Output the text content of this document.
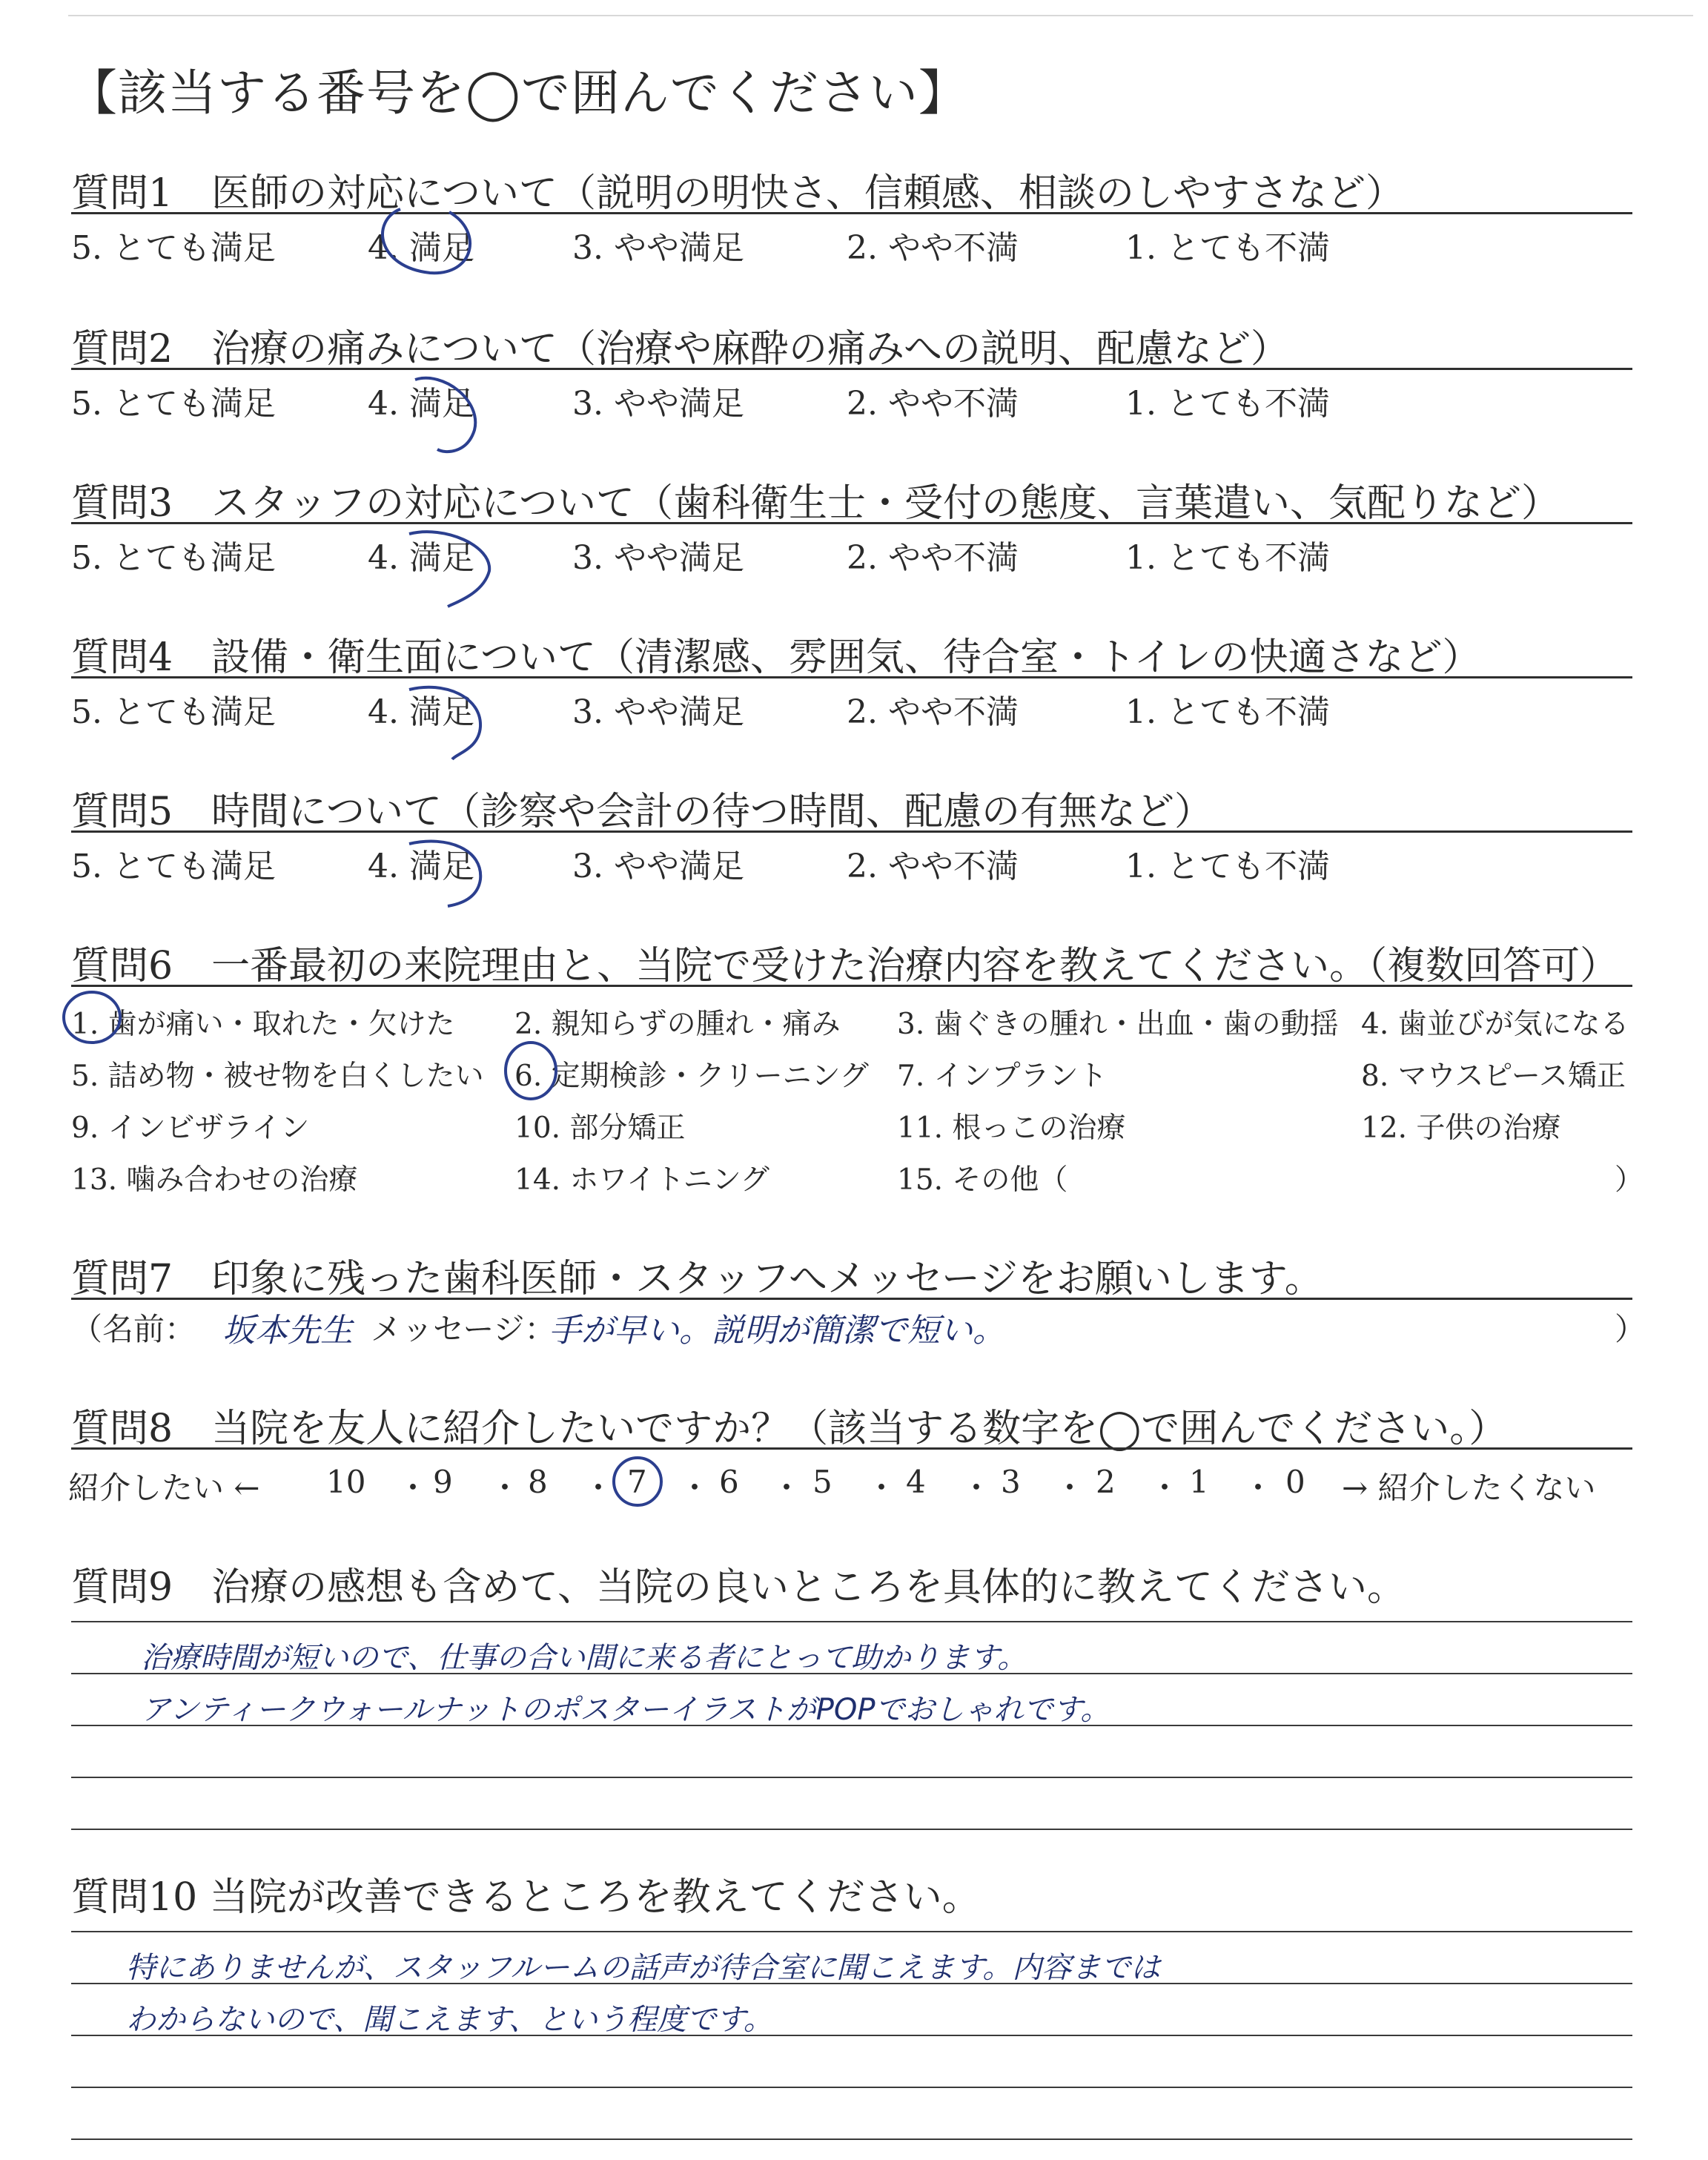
【該当する番号を◯で囲んでください】
質問1　医師の対応について（説明の明快さ、信頼感、相談のしやすさなど）
5. とても満足	4. 満足	3. やや満足	2. やや不満	1. とても不満
質問2　治療の痛みについて（治療や麻酔の痛みへの説明、配慮など）
5. とても満足	4. 満足	3. やや満足	2. やや不満	1. とても不満
質問3　スタッフの対応について（歯科衛生士・受付の態度、言葉遣い、気配りなど）
5. とても満足	4. 満足	3. やや満足	2. やや不満	1. とても不満
質問4　設備・衛生面について（清潔感、雰囲気、待合室・トイレの快適さなど）
5. とても満足	4. 満足	3. やや満足	2. やや不満	1. とても不満
質問5　時間について（診察や会計の待つ時間、配慮の有無など）
5. とても満足	4. 満足	3. やや満足	2. やや不満	1. とても不満
質問6　一番最初の来院理由と、当院で受けた治療内容を教えてください。（複数回答可）
1. 歯が痛い・取れた・欠けた 2. 親知らずの腫れ・痛み 3. 歯ぐきの腫れ・出血・歯の動揺 4. 歯並びが気になる
5. 詰め物・被せ物を白くしたい 6. 定期検診・クリーニング 7. インプラント	8. マウスピース矯正
9. インビザライン	10. 部分矯正	11. 根っこの治療	12. 子供の治療
13. 噛み合わせの治療	14. ホワイトニング	15. その他（	）
質問7　印象に残った歯科医師・スタッフへメッセージをお願いします。
（名前： 坂本先生 メッセージ：
手が早い。説明が簡潔で短い。	）
質問8　当院を友人に紹介したいですか？（該当する数字を◯で囲んでください。）
紹介したい ← 10 ・ 9 ・ 8 ・ 7 ・ 6 ・ 5 ・ 4 ・ 3 ・ 2 ・ 1 ・ 0 → 紹介したくない
質問9　治療の感想も含めて、当院の良いところを具体的に教えてください。
治療時間が短いので、仕事の合い間に来る者にとって助かります。
アンティークウォールナットのポスターイラストがPOPでおしゃれです。
質問10 当院が改善できるところを教えてください。
特にありませんが、スタッフルームの話声が待合室に聞こえます。内容までは
わからないので、聞こえます、という程度です。
